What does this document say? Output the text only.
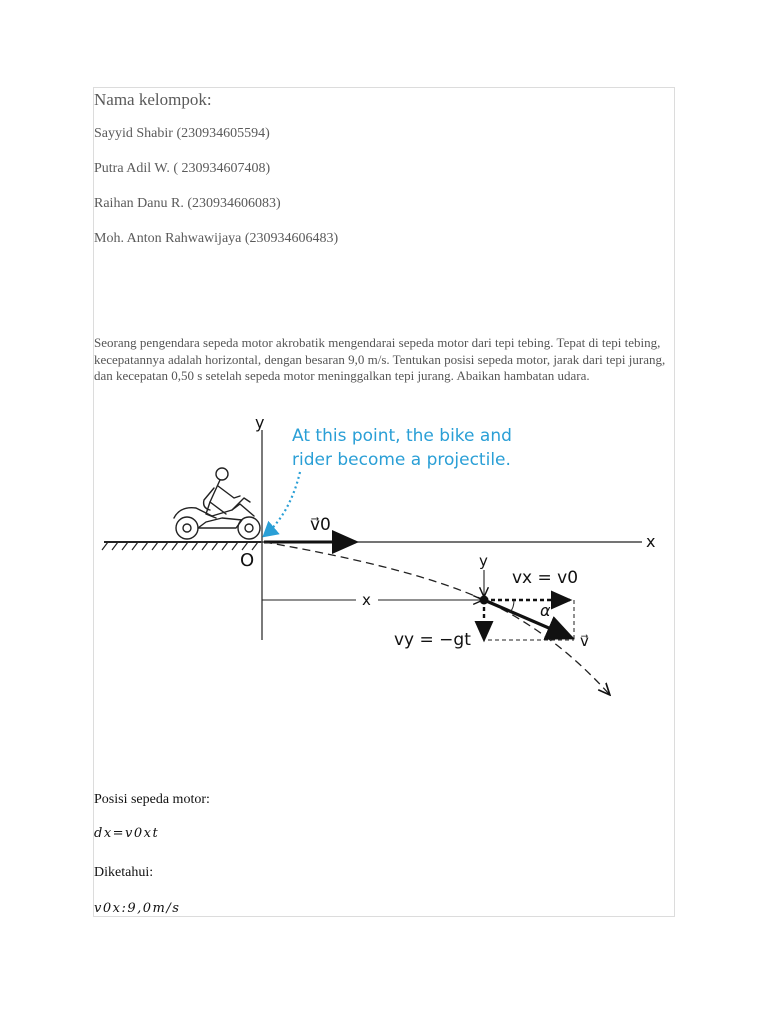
Nama kelompok:

Sayyid Shabir (230934605594)

Putra Adil W. ( 230934607408)

Raihan Danu R. (230934606083)

Moh. Anton Rahwawijaya (230934606483)

Seorang pengendara sepeda motor akrobatik mengendarai sepeda motor dari tepi tebing. Tepat di tepi tebing, kecepatannya adalah horizontal, dengan besaran 9,0 m/s. Tentukan posisi sepeda motor, jarak dari tepi jurang, dan kecepatan 0,50 s setelah sepeda motor meninggalkan tepi jurang. Abaikan hambatan udara.

x
y
O
At this point, the bike and
rider become a projectile.
v⃗0
x
y
vx = v0
vy = −gt	v⃗
α

Posisi sepeda motor:

dx=v0xt

Diketahui:

v0x:9,0m/s
